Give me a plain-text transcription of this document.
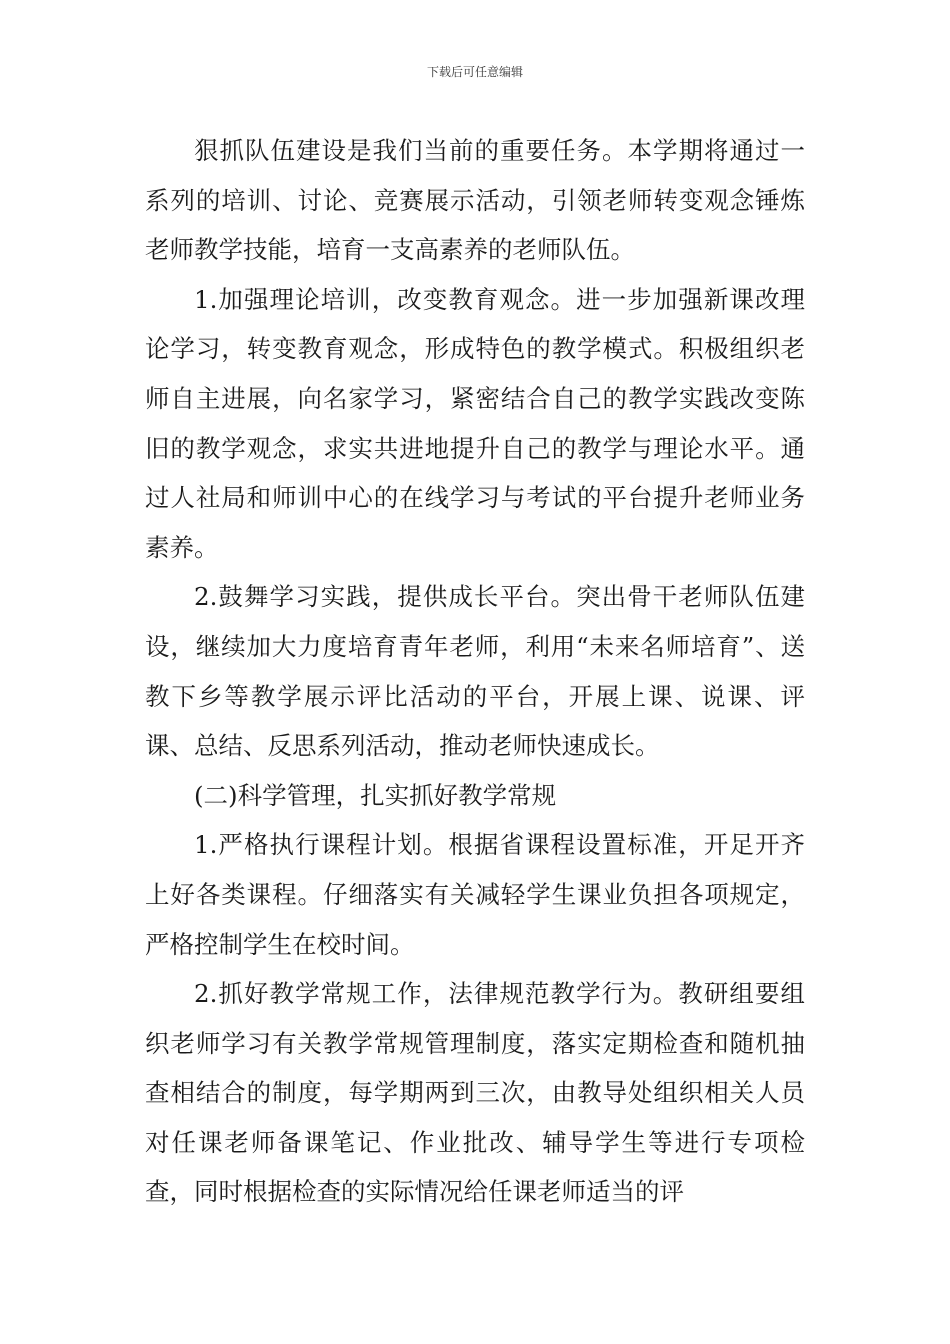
下载后可任意编辑

狠抓队伍建设是我们当前的重要任务。本学期将通过一系列的培训、讨论、竞赛展示活动，引领老师转变观念锤炼老师教学技能，培育一支高素养的老师队伍。

1.加强理论培训，改变教育观念。进一步加强新课改理论学习，转变教育观念，形成特色的教学模式。积极组织老师自主进展，向名家学习，紧密结合自己的教学实践改变陈旧的教学观念，求实共进地提升自己的教学与理论水平。通过人社局和师训中心的在线学习与考试的平台提升老师业务素养。

2.鼓舞学习实践，提供成长平台。突出骨干老师队伍建设，继续加大力度培育青年老师，利用“未来名师培育”、送教下乡等教学展示评比活动的平台，开展上课、说课、评课、总结、反思系列活动，推动老师快速成长。

(二)科学管理，扎实抓好教学常规

1.严格执行课程计划。根据省课程设置标准，开足开齐上好各类课程。仔细落实有关减轻学生课业负担各项规定，严格控制学生在校时间。

2.抓好教学常规工作，法律规范教学行为。教研组要组织老师学习有关教学常规管理制度，落实定期检查和随机抽查相结合的制度，每学期两到三次，由教导处组织相关人员对任课老师备课笔记、作业批改、辅导学生等进行专项检查，同时根据检查的实际情况给任课老师适当的评
